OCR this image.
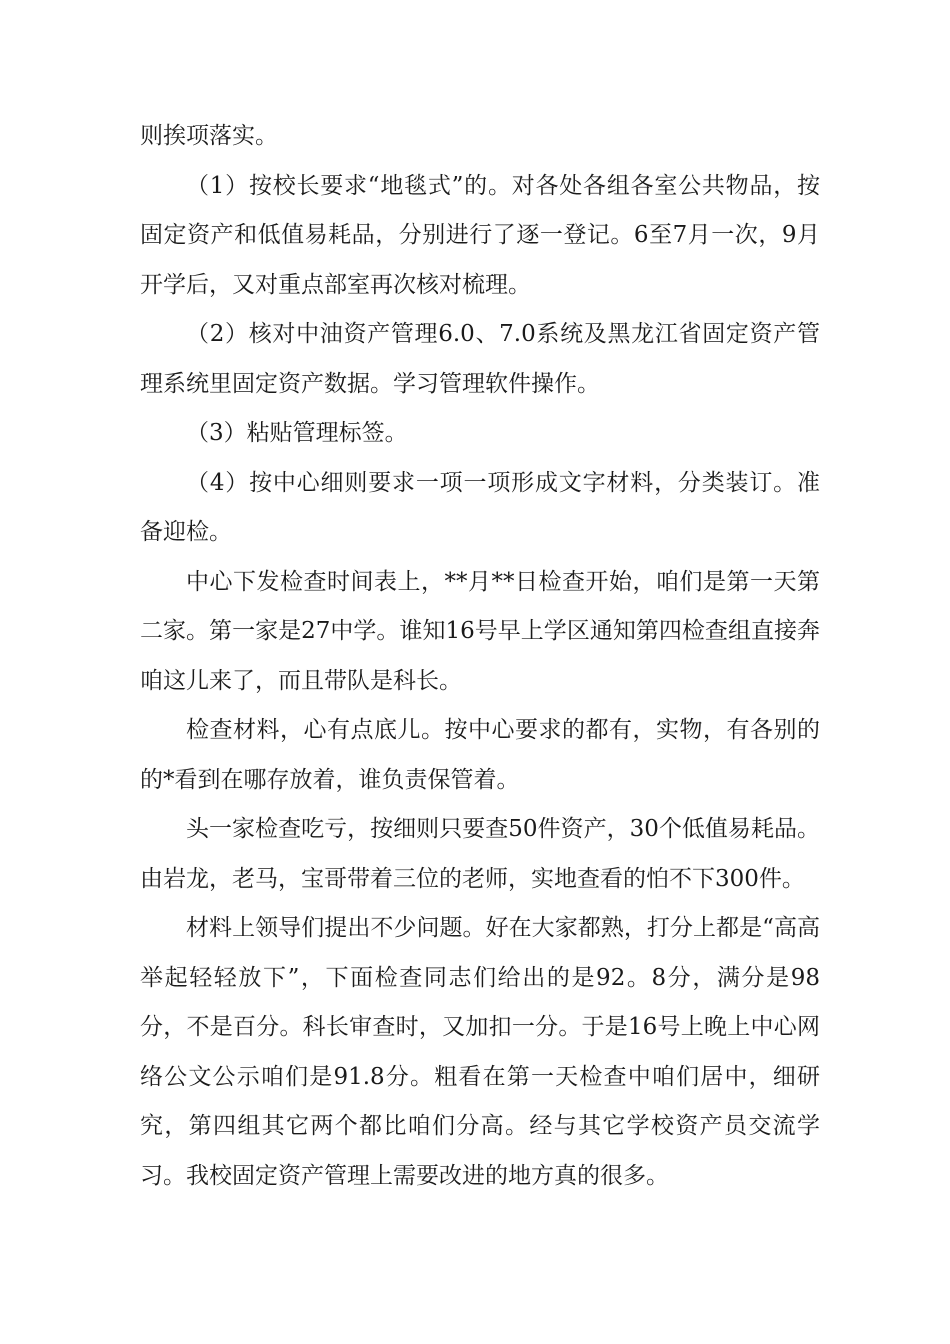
则挨项落实。

（1）按校长要求“地毯式”的。对各处各组各室公共物品，按固定资产和低值易耗品，分别进行了逐一登记。6至7月一次，9月开学后，又对重点部室再次核对梳理。

（2）核对中油资产管理6.0、7.0系统及黑龙江省固定资产管理系统里固定资产数据。学习管理软件操作。

（3）粘贴管理标签。

（4）按中心细则要求一项一项形成文字材料，分类装订。准备迎检。

中心下发检查时间表上，**月**日检查开始，咱们是第一天第二家。第一家是27中学。谁知16号早上学区通知第四检查组直接奔咱这儿来了，而且带队是科长。

检查材料，心有点底儿。按中心要求的都有，实物，有各别的的*看到在哪存放着，谁负责保管着。

头一家检查吃亏，按细则只要查50件资产，30个低值易耗品。由岩龙，老马，宝哥带着三位的老师，实地查看的怕不下300件。

材料上领导们提出不少问题。好在大家都熟，打分上都是“高高举起轻轻放下”，下面检查同志们给出的是92。8分，满分是98分，不是百分。科长审查时，又加扣一分。于是16号上晚上中心网络公文公示咱们是91.8分。粗看在第一天检查中咱们居中，细研究，第四组其它两个都比咱们分高。经与其它学校资产员交流学习。我校固定资产管理上需要改进的地方真的很多。
